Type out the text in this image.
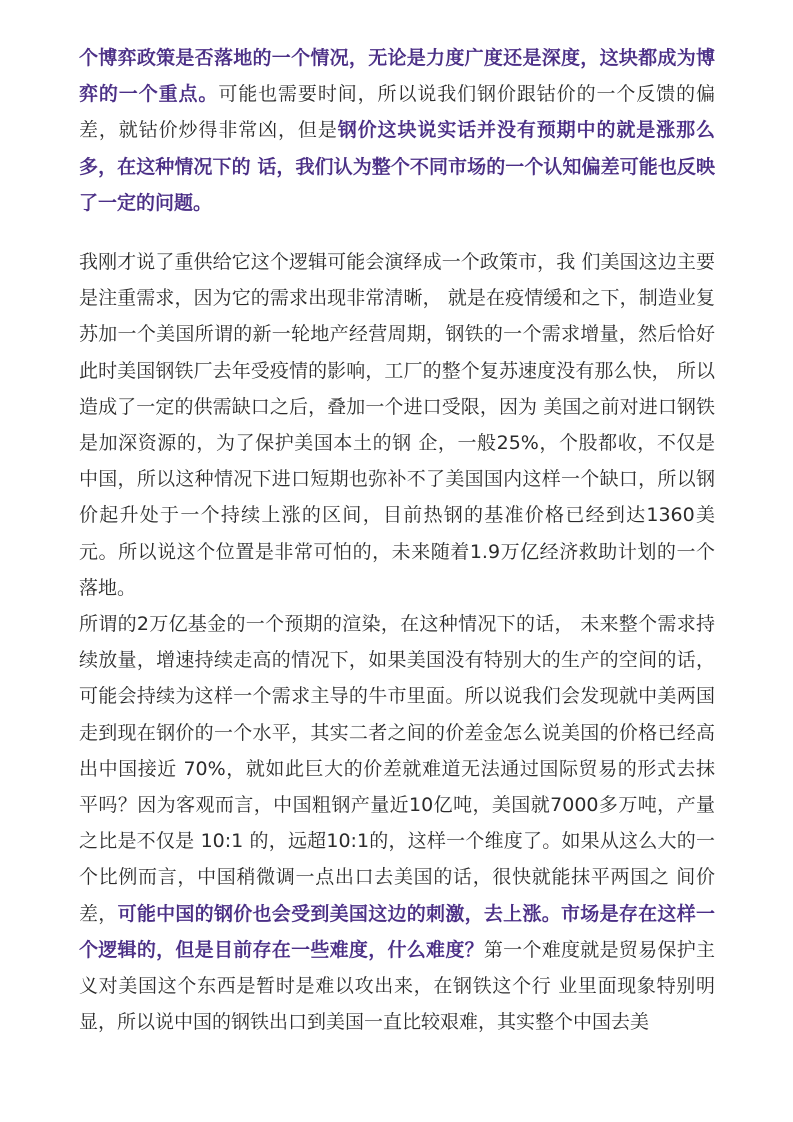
个博弈政策是否落地的一个情况，无论是力度广度还是深度，这块都成为博弈的一个重点。可能也需要时间，所以说我们钢价跟钴价的一个反馈的偏差，就钴价炒得非常凶，但是钢价这块说实话并没有预期中的就是涨那么多，在这种情况下的 话，我们认为整个不同市场的一个认知偏差可能也反映了一定的问题。

我刚才说了重供给它这个逻辑可能会演绎成一个政策市，我 们美国这边主要是注重需求，因为它的需求出现非常清晰， 就是在疫情缓和之下，制造业复苏加一个美国所谓的新一轮地产经营周期，钢铁的一个需求增量，然后恰好此时美国钢铁厂去年受疫情的影响，工厂的整个复苏速度没有那么快， 所以造成了一定的供需缺口之后，叠加一个进口受限，因为 美国之前对进口钢铁是加深资源的，为了保护美国本土的钢 企，一般25%，个股都收，不仅是中国，所以这种情况下进口短期也弥补不了美国国内这样一个缺口，所以钢价起升处于一个持续上涨的区间，目前热钢的基准价格已经到达1360美元。所以说这个位置是非常可怕的，未来随着1.9万亿经济救助计划的一个落地。

所谓的2万亿基金的一个预期的渲染，在这种情况下的话， 未来整个需求持续放量，增速持续走高的情况下，如果美国没有特别大的生产的空间的话，可能会持续为这样一个需求主导的牛市里面。所以说我们会发现就中美两国走到现在钢价的一个水平，其实二者之间的价差金怎么说美国的价格已经高出中国接近 70%，就如此巨大的价差就难道无法通过国际贸易的形式去抹平吗？因为客观而言，中国粗钢产量近10亿吨，美国就7000多万吨，产量之比是不仅是 10:1 的，远超10:1的，这样一个维度了。如果从这么大的一个比例而言，中国稍微调一点出口去美国的话，很快就能抹平两国之 间价差，可能中国的钢价也会受到美国这边的刺激，去上涨。市场是存在这样一个逻辑的，但是目前存在一些难度，什么难度？第一个难度就是贸易保护主义对美国这个东西是暂时是难以攻出来，在钢铁这个行 业里面现象特别明显，所以说中国的钢铁出口到美国一直比较艰难，其实整个中国去美
